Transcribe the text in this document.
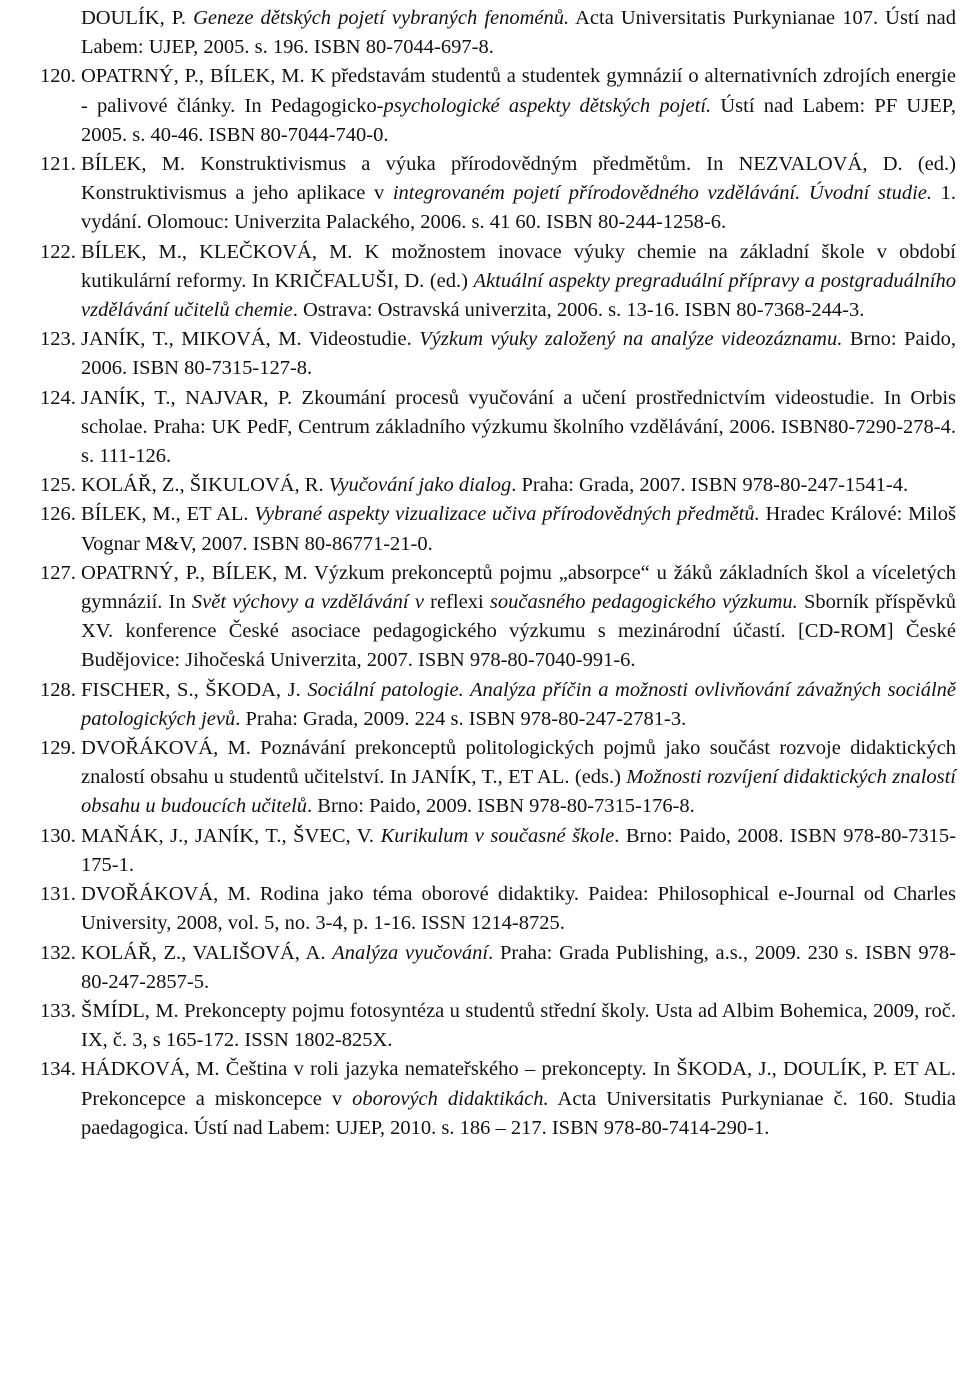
DOULÍK, P. Geneze dětských pojetí vybraných fenoménů. Acta Universitatis Purkynianae 107. Ústí nad Labem: UJEP, 2005. s. 196. ISBN 80-7044-697-8.
120. OPATRNÝ, P., BÍLEK, M. K představám studentů a studentek gymnázií o alternativních zdrojích energie - palivové články. In Pedagogicko-psychologické aspekty dětských pojetí. Ústí nad Labem: PF UJEP, 2005. s. 40-46. ISBN 80-7044-740-0.
121. BÍLEK, M. Konstruktivismus a výuka přírodovědným předmětům. In NEZVALOVÁ, D. (ed.) Konstruktivismus a jeho aplikace v integrovaném pojetí přírodovědného vzdělávání. Úvodní studie. 1. vydání. Olomouc: Univerzita Palackého, 2006. s. 41 60. ISBN 80-244-1258-6.
122. BÍLEK, M., KLEČKOVÁ, M. K možnostem inovace výuky chemie na základní škole v období kutikulární reformy. In KRIČFALUŠI, D. (ed.) Aktuální aspekty pregraduální přípravy a postgraduálního vzdělávání učitelů chemie. Ostrava: Ostravská univerzita, 2006. s. 13-16. ISBN 80-7368-244-3.
123. JANÍK, T., MIKOVÁ, M. Videostudie. Výzkum výuky založený na analýze videozáznamu. Brno: Paido, 2006. ISBN 80-7315-127-8.
124. JANÍK, T., NAJVAR, P. Zkoumání procesů vyučování a učení prostřednictvím videostudie. In Orbis scholae. Praha: UK PedF, Centrum základního výzkumu školního vzdělávání, 2006. ISBN80-7290-278-4. s. 111-126.
125. KOLÁŘ, Z., ŠIKULOVÁ, R. Vyučování jako dialog. Praha: Grada, 2007. ISBN 978-80-247-1541-4.
126. BÍLEK, M., ET AL. Vybrané aspekty vizualizace učiva přírodovědných předmětů. Hradec Králové: Miloš Vognar M&V, 2007. ISBN 80-86771-21-0.
127. OPATRNÝ, P., BÍLEK, M. Výzkum prekonceptů pojmu „absorpce“ u žáků základních škol a víceletých gymnázií. In Svět výchovy a vzdělávání v reflexi současného pedagogického výzkumu. Sborník příspěvků XV. konference České asociace pedagogického výzkumu s mezinárodní účastí. [CD-ROM] České Budějovice: Jihočeská Univerzita, 2007. ISBN 978-80-7040-991-6.
128. FISCHER, S., ŠKODA, J. Sociální patologie. Analýza příčin a možnosti ovlivňování závažných sociálně patologických jevů. Praha: Grada, 2009. 224 s. ISBN 978-80-247-2781-3.
129. DVOŘÁKOVÁ, M. Poznávání prekonceptů politologických pojmů jako součást rozvoje didaktických znalostí obsahu u studentů učitelství. In JANÍK, T., ET AL. (eds.) Možnosti rozvíjení didaktických znalostí obsahu u budoucích učitelů. Brno: Paido, 2009. ISBN 978-80-7315-176-8.
130. MAŇÁK, J., JANÍK, T., ŠVEC, V. Kurikulum v současné škole. Brno: Paido, 2008. ISBN 978-80-7315-175-1.
131. DVOŘÁKOVÁ, M. Rodina jako téma oborové didaktiky. Paidea: Philosophical e-Journal od Charles University, 2008, vol. 5, no. 3-4, p. 1-16. ISSN 1214-8725.
132. KOLÁŘ, Z., VALIŠOVÁ, A. Analýza vyučování. Praha: Grada Publishing, a.s., 2009. 230 s. ISBN 978-80-247-2857-5.
133. ŠMÍDL, M. Prekoncepty pojmu fotosyntéza u studentů střední školy. Usta ad Albim Bohemica, 2009, roč. IX, č. 3, s 165-172. ISSN 1802-825X.
134. HÁDKOVÁ, M. Čeština v roli jazyka nemateřského – prekoncepty. In ŠKODA, J., DOULÍK, P. ET AL. Prekoncepce a miskoncepce v oborových didaktikách. Acta Universitatis Purkynianae č. 160. Studia paedagogica. Ústí nad Labem: UJEP, 2010. s. 186 – 217. ISBN 978-80-7414-290-1.
